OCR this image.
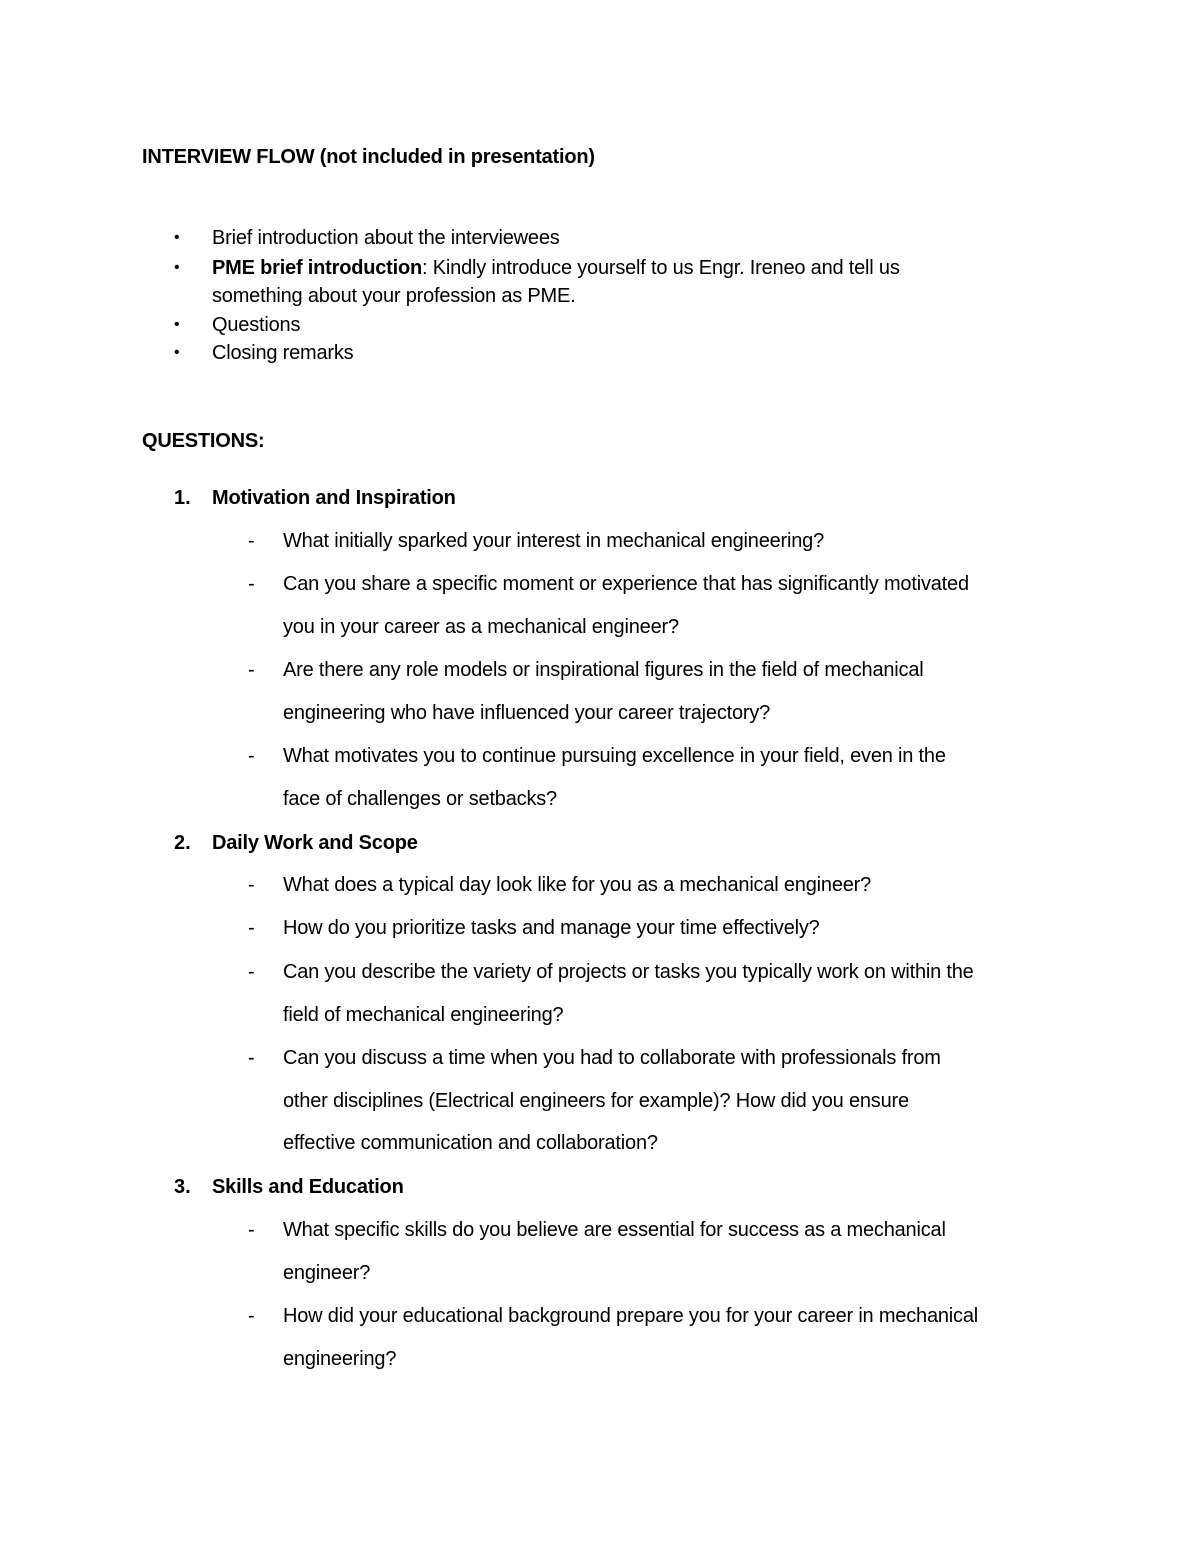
INTERVIEW FLOW (not included in presentation)
• Brief introduction about the interviewees
• PME brief introduction: Kindly introduce yourself to us Engr. Ireneo and tell us
something about your profession as PME.
• Questions
• Closing remarks
QUESTIONS:
1. Motivation and Inspiration
- What initially sparked your interest in mechanical engineering?
- Can you share a specific moment or experience that has significantly motivated
you in your career as a mechanical engineer?
- Are there any role models or inspirational figures in the field of mechanical
engineering who have influenced your career trajectory?
- What motivates you to continue pursuing excellence in your field, even in the
face of challenges or setbacks?
2. Daily Work and Scope
- What does a typical day look like for you as a mechanical engineer?
- How do you prioritize tasks and manage your time effectively?
- Can you describe the variety of projects or tasks you typically work on within the
field of mechanical engineering?
- Can you discuss a time when you had to collaborate with professionals from
other disciplines (Electrical engineers for example)? How did you ensure
effective communication and collaboration?
3. Skills and Education
- What specific skills do you believe are essential for success as a mechanical
engineer?
- How did your educational background prepare you for your career in mechanical
engineering?
